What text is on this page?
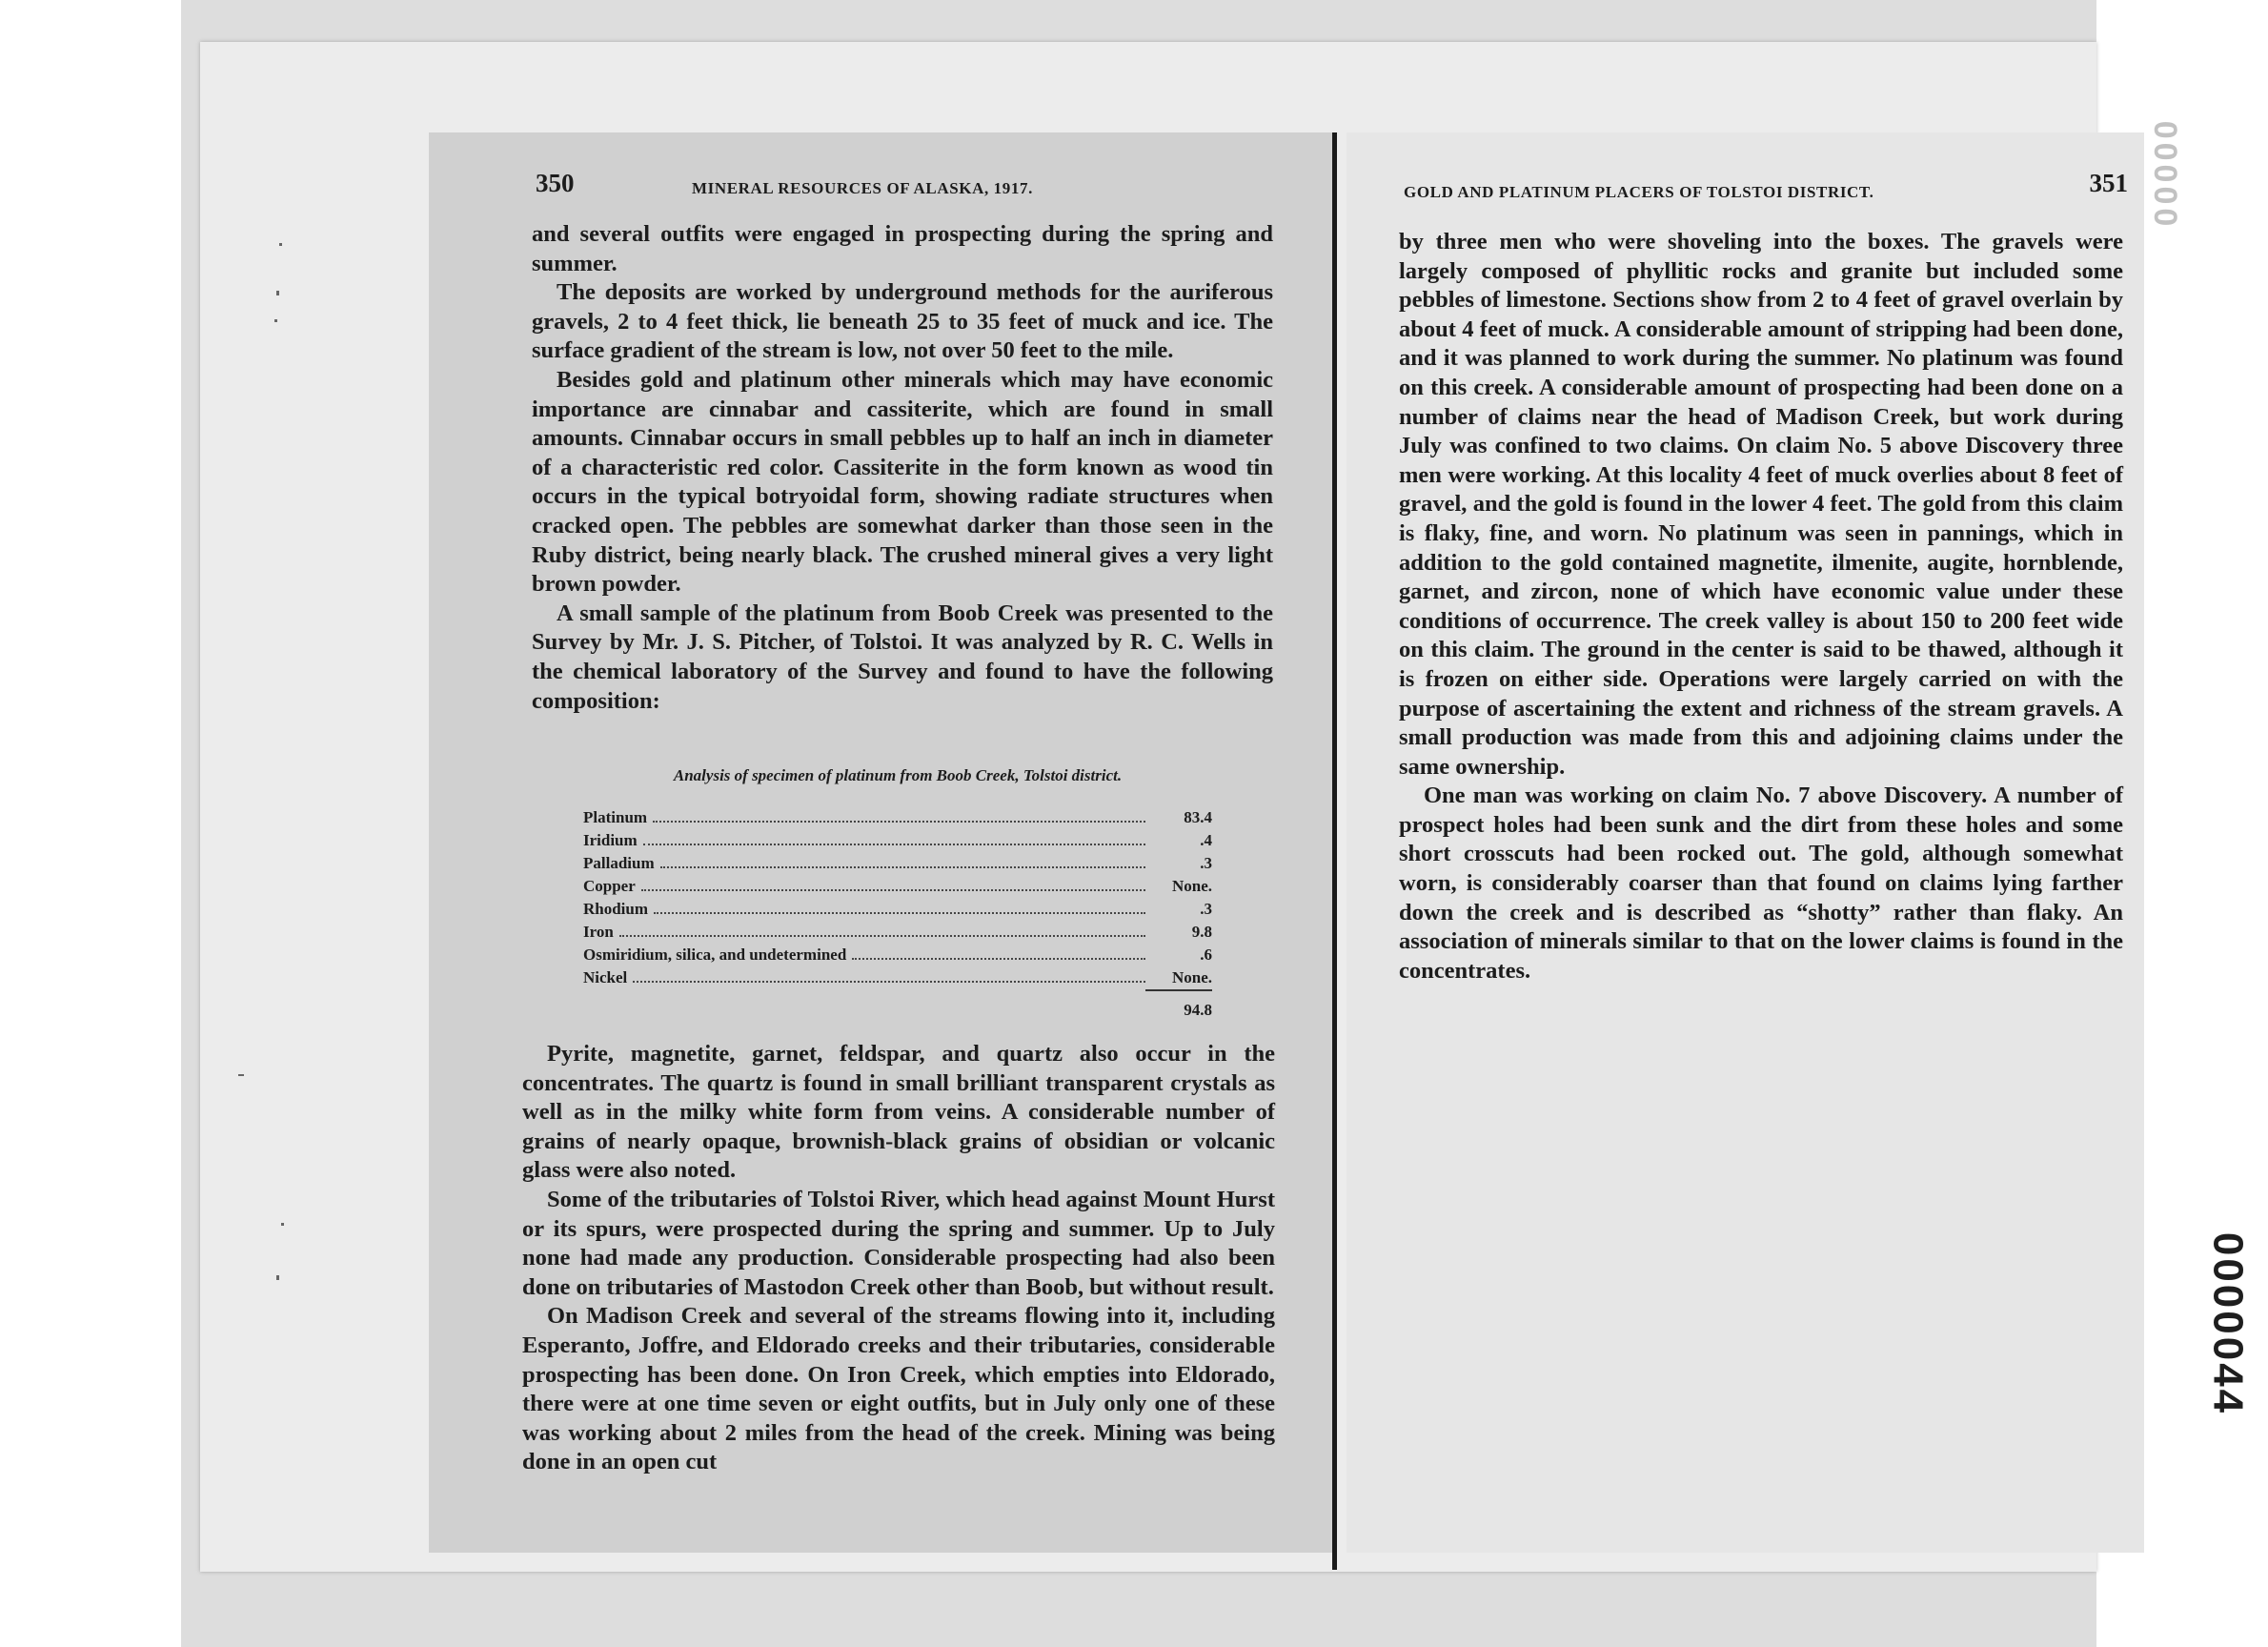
350	MINERAL RESOURCES OF ALASKA, 1917.

and several outfits were engaged in prospecting during the spring and summer.

The deposits are worked by underground methods for the auriferous gravels, 2 to 4 feet thick, lie beneath 25 to 35 feet of muck and ice. The surface gradient of the stream is low, not over 50 feet to the mile.

Besides gold and platinum other minerals which may have economic importance are cinnabar and cassiterite, which are found in small amounts. Cinnabar occurs in small pebbles up to half an inch in diameter of a characteristic red color. Cassiterite in the form known as wood tin occurs in the typical botryoidal form, showing radiate structures when cracked open. The pebbles are somewhat darker than those seen in the Ruby district, being nearly black. The crushed mineral gives a very light brown powder.

A small sample of the platinum from Boob Creek was presented to the Survey by Mr. J. S. Pitcher, of Tolstoi. It was analyzed by R. C. Wells in the chemical laboratory of the Survey and found to have the following composition:

Analysis of specimen of platinum from Boob Creek, Tolstoi district.
Platinum	83.4
Iridium	.4
Palladium	.3
Copper	None.
Rhodium	.3
Iron	9.8
Osmiridium, silica, and undetermined	.6
Nickel	None.
94.8

Pyrite, magnetite, garnet, feldspar, and quartz also occur in the concentrates. The quartz is found in small brilliant transparent crystals as well as in the milky white form from veins. A considerable number of grains of nearly opaque, brownish-black grains of obsidian or volcanic glass were also noted.

Some of the tributaries of Tolstoi River, which head against Mount Hurst or its spurs, were prospected during the spring and summer. Up to July none had made any production. Considerable prospecting had also been done on tributaries of Mastodon Creek other than Boob, but without result.

On Madison Creek and several of the streams flowing into it, including Esperanto, Joffre, and Eldorado creeks and their tributaries, considerable prospecting has been done. On Iron Creek, which empties into Eldorado, there were at one time seven or eight outfits, but in July only one of these was working about 2 miles from the head of the creek. Mining was being done in an open cut

GOLD AND PLATINUM PLACERS OF TOLSTOI DISTRICT.	351

by three men who were shoveling into the boxes. The gravels were largely composed of phyllitic rocks and granite but included some pebbles of limestone. Sections show from 2 to 4 feet of gravel overlain by about 4 feet of muck. A considerable amount of stripping had been done, and it was planned to work during the summer. No platinum was found on this creek. A considerable amount of prospecting had been done on a number of claims near the head of Madison Creek, but work during July was confined to two claims. On claim No. 5 above Discovery three men were working. At this locality 4 feet of muck overlies about 8 feet of gravel, and the gold is found in the lower 4 feet. The gold from this claim is flaky, fine, and worn. No platinum was seen in pannings, which in addition to the gold contained magnetite, ilmenite, augite, hornblende, garnet, and zircon, none of which have economic value under these conditions of occurrence. The creek valley is about 150 to 200 feet wide on this claim. The ground in the center is said to be thawed, although it is frozen on either side. Operations were largely carried on with the purpose of ascertaining the extent and richness of the stream gravels. A small production was made from this and adjoining claims under the same ownership.

One man was working on claim No. 7 above Discovery. A number of prospect holes had been sunk and the dirt from these holes and some short crosscuts had been rocked out. The gold, although somewhat worn, is considerably coarser than that found on claims lying farther down the creek and is described as “shotty” rather than flaky. An association of minerals similar to that on the lower claims is found in the concentrates.

00000
0000044
